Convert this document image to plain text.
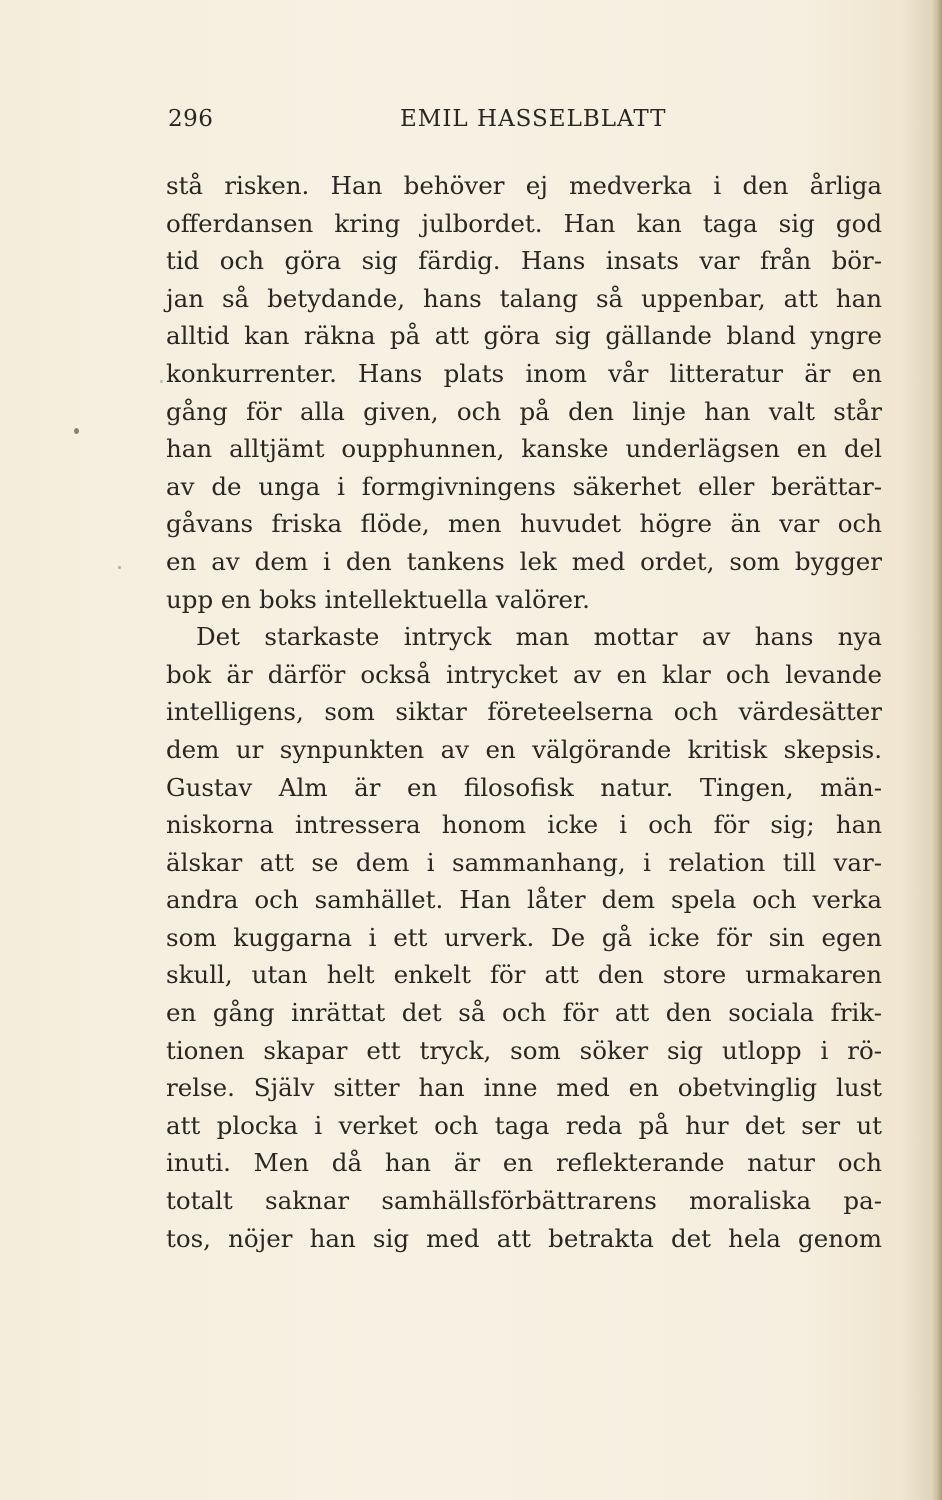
296	EMIL HASSELBLATT
stå risken. Han behöver ej medverka i den årliga
offerdansen kring julbordet. Han kan taga sig god
tid och göra sig färdig. Hans insats var från bör-
jan så betydande, hans talang så uppenbar, att han
alltid kan räkna på att göra sig gällande bland yngre
konkurrenter. Hans plats inom vår litteratur är en
gång för alla given, och på den linje han valt står
han alltjämt oupphunnen, kanske underlägsen en del
av de unga i formgivningens säkerhet eller berättar-
gåvans friska flöde, men huvudet högre än var och
en av dem i den tankens lek med ordet, som bygger
upp en boks intellektuella valörer.
Det starkaste intryck man mottar av hans nya
bok är därför också intrycket av en klar och levande
intelligens, som siktar företeelserna och värdesätter
dem ur synpunkten av en välgörande kritisk skepsis.
Gustav Alm är en filosofisk natur. Tingen, män-
niskorna intressera honom icke i och för sig; han
älskar att se dem i sammanhang, i relation till var-
andra och samhället. Han låter dem spela och verka
som kuggarna i ett urverk. De gå icke för sin egen
skull, utan helt enkelt för att den store urmakaren
en gång inrättat det så och för att den sociala frik-
tionen skapar ett tryck, som söker sig utlopp i rö-
relse. Själv sitter han inne med en obetvinglig lust
att plocka i verket och taga reda på hur det ser ut
inuti. Men då han är en reflekterande natur och
totalt saknar samhällsförbättrarens moraliska pa-
tos, nöjer han sig med att betrakta det hela genom
